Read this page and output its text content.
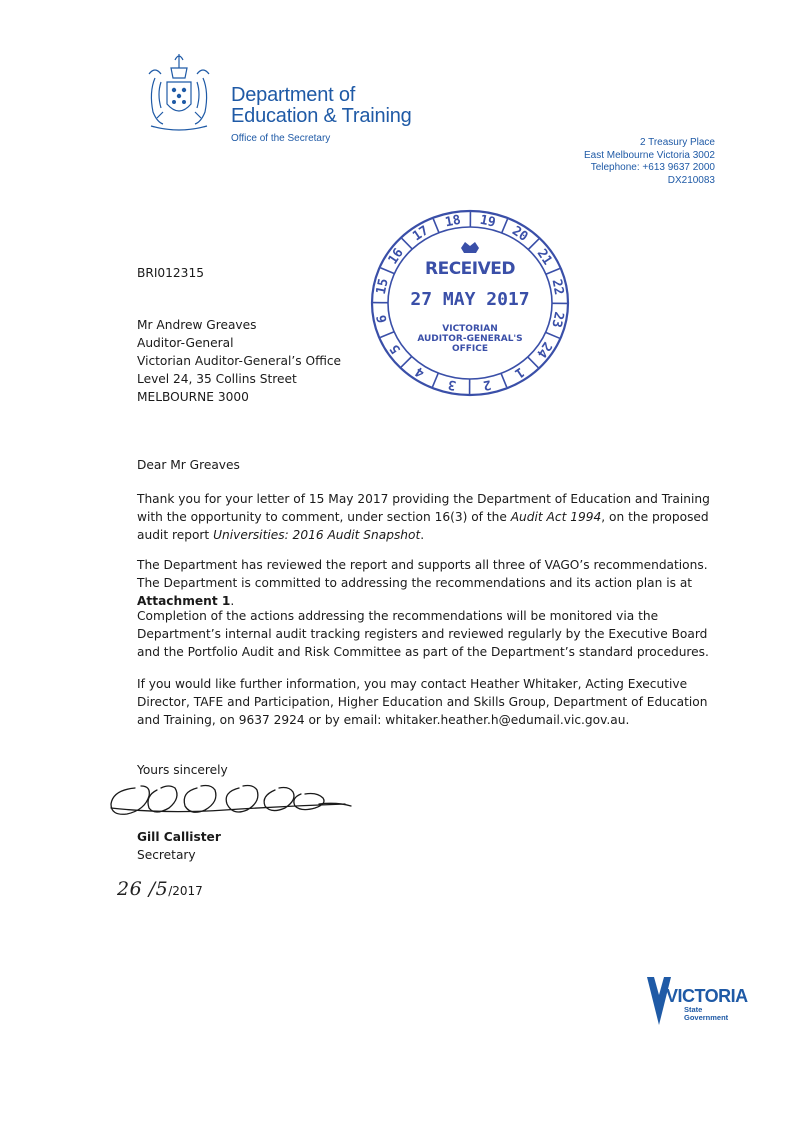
Department of
Education & Training
Office of the Secretary	2 Treasury Place
East Melbourne Victoria 3002
Telephone: +613 9637 2000
DX210083
18 19
20
21
22
23
24
1
2
3
4
5
6
15
16
17
RECEIVED
27 MAY 2017
VICTORIAN
AUDITOR-GENERAL'S
OFFICE
BRI012315
Mr Andrew Greaves
Auditor-General
Victorian Auditor-General’s Office
Level 24, 35 Collins Street
MELBOURNE 3000
Dear Mr Greaves
Thank you for your letter of 15 May 2017 providing the Department of Education and Training with the opportunity to comment, under section 16(3) of the Audit Act 1994, on the proposed audit report Universities: 2016 Audit Snapshot.
The Department has reviewed the report and supports all three of VAGO’s recommendations. The Department is committed to addressing the recommendations and its action plan is at Attachment 1.
Completion of the actions addressing the recommendations will be monitored via the Department’s internal audit tracking registers and reviewed regularly by the Executive Board and the Portfolio Audit and Risk Committee as part of the Department’s standard procedures.
If you would like further information, you may contact Heather Whitaker, Acting Executive Director, TAFE and Participation, Higher Education and Skills Group, Department of Education and Training, on 9637 2924 or by email: whitaker.heather.h@edumail.vic.gov.au.
Yours sincerely
Gill Callister
Secretary
26 /5/2017
VICTORIA
State
Government
